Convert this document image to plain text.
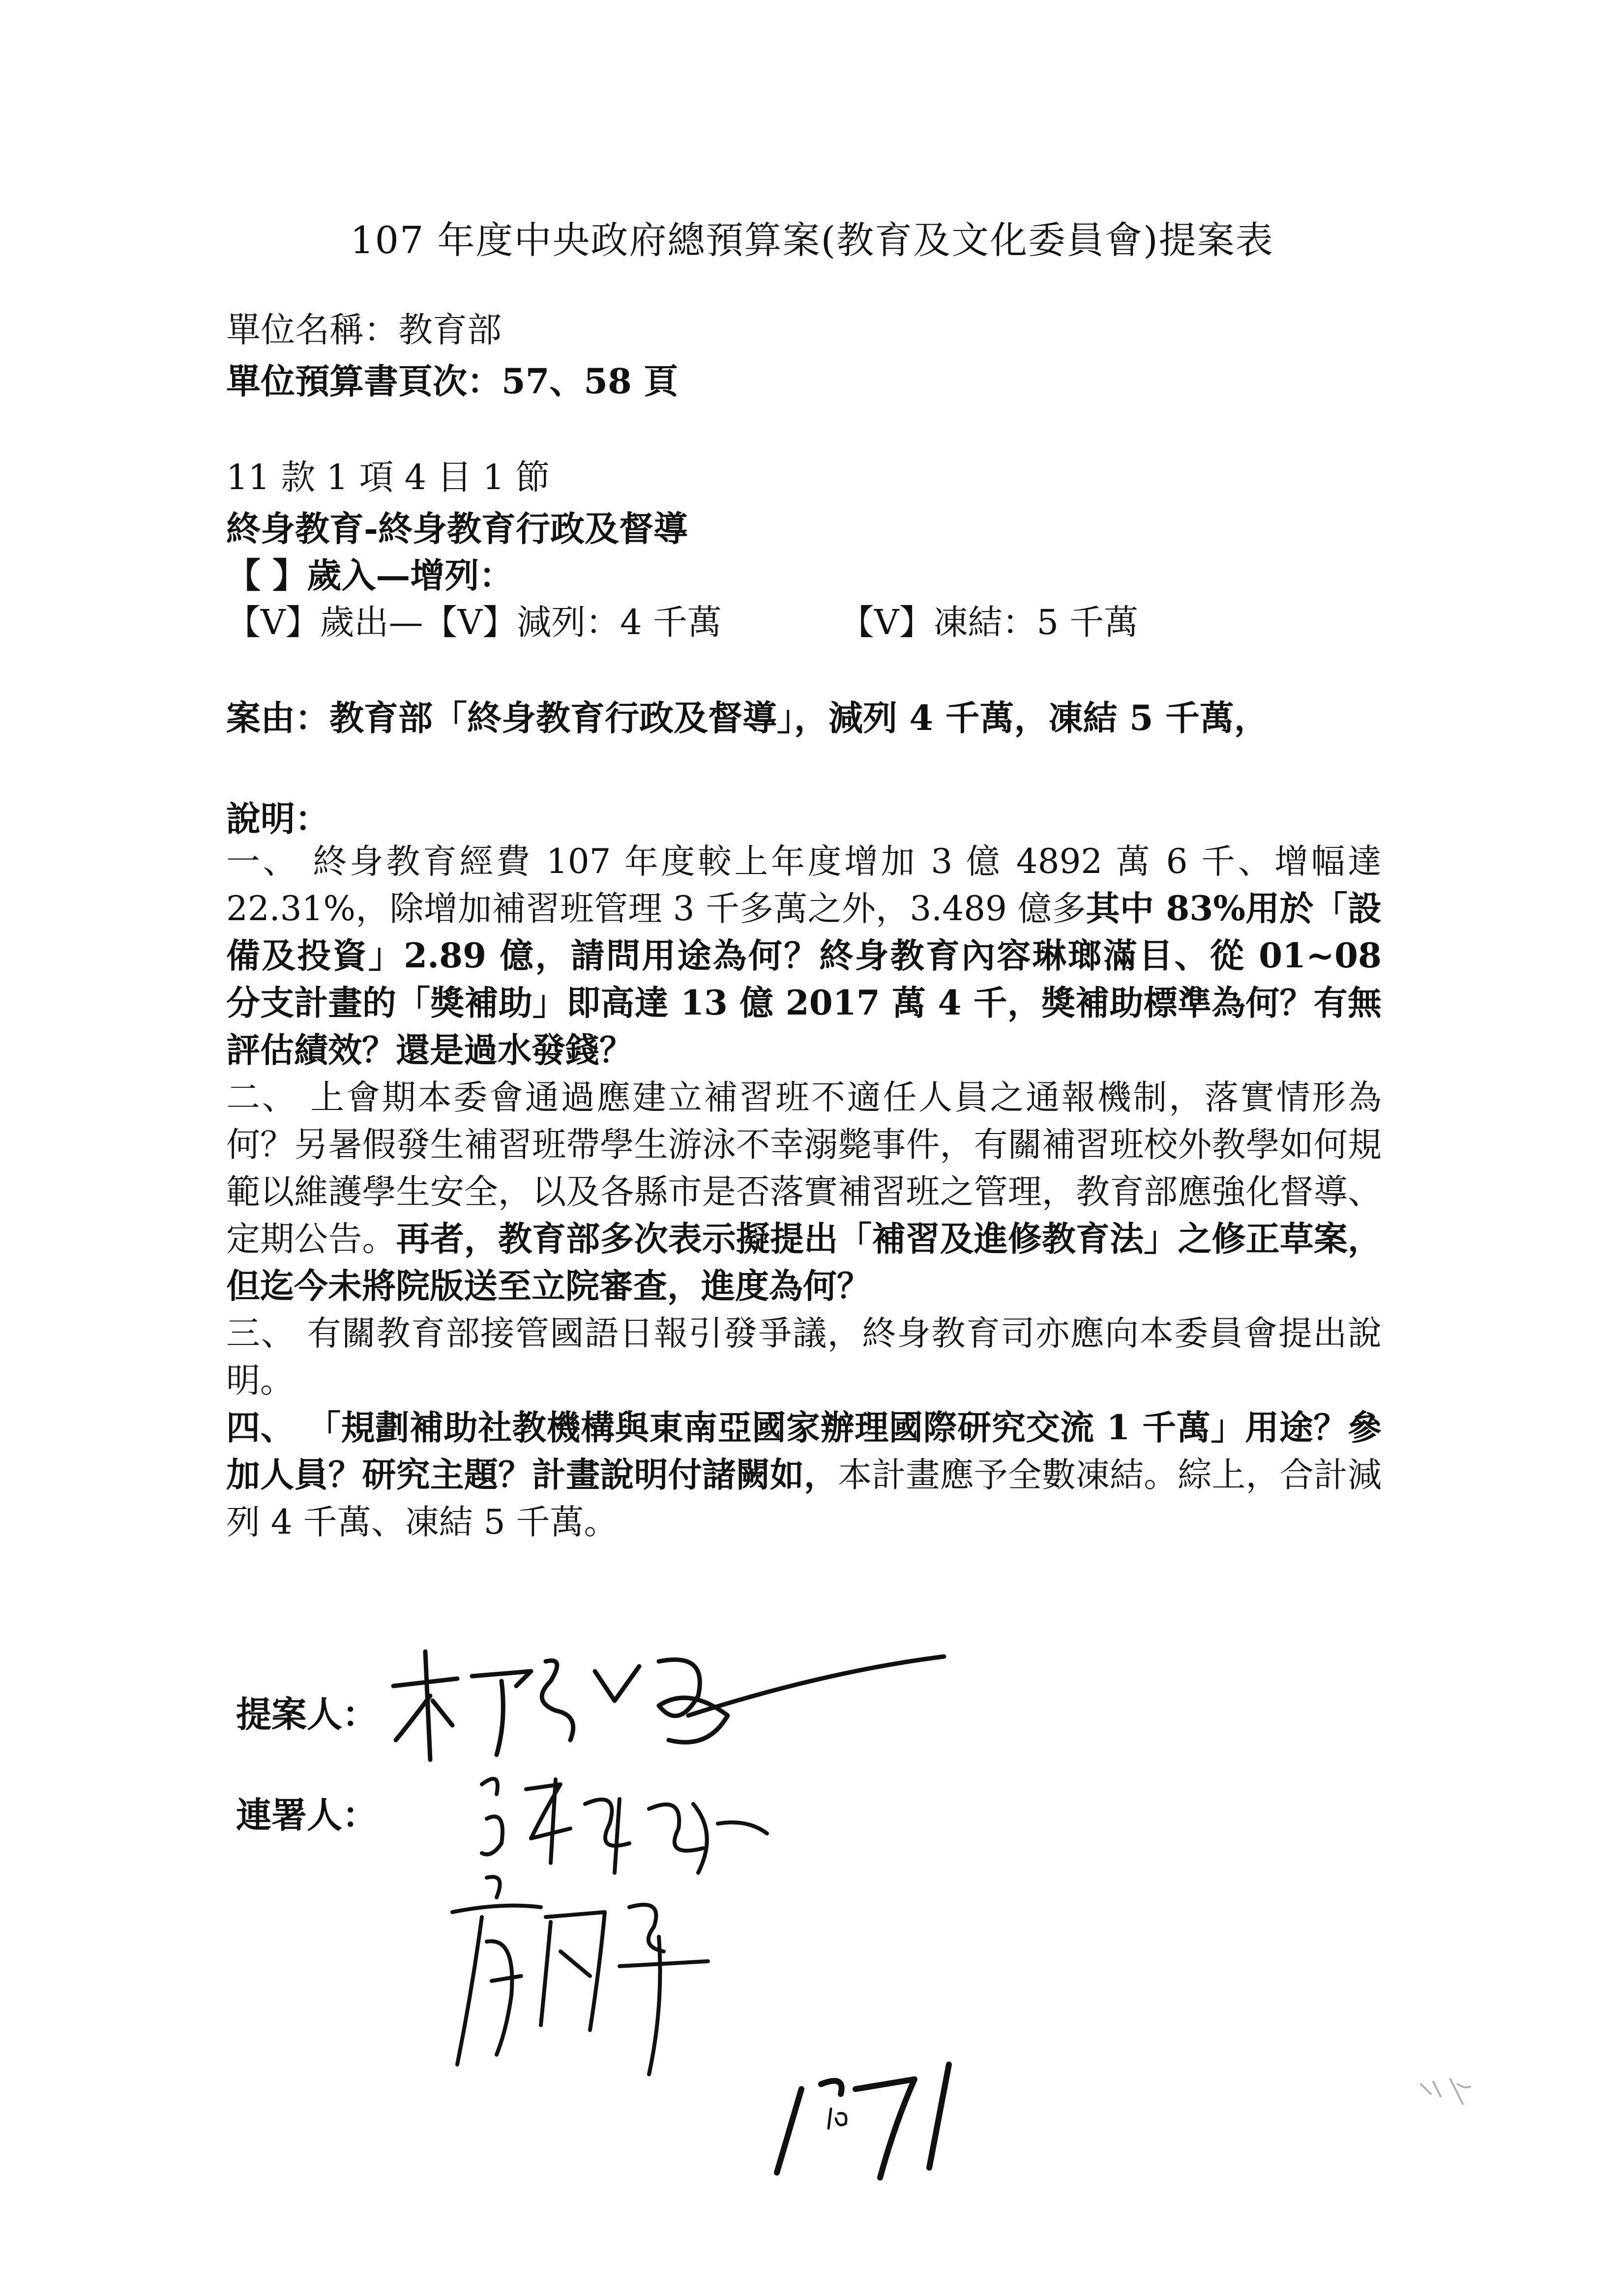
107 年度中央政府總預算案(教育及文化委員會)提案表
單位名稱：教育部
單位預算書頁次：57、58 頁
11 款 1 項 4 目 1 節
終身教育-終身教育行政及督導
【 】歲入—增列：
【V】歲出—【V】減列：4 千萬	【V】凍結：5 千萬
案由：教育部「終身教育行政及督導」，減列 4 千萬，凍結 5 千萬，
說明：

一、 終身教育經費 107 年度較上年度增加 3 億 4892 萬 6 千、增幅達 22.31%，除增加補習班管理 3 千多萬之外，3.489 億多其中 83%用於「設備及投資」2.89 億，請問用途為何？終身教育內容琳瑯滿目、從 01~08 分支計畫的「獎補助」即高達 13 億 2017 萬 4 千，獎補助標準為何？有無評估績效？還是過水發錢？

二、 上會期本委會通過應建立補習班不適任人員之通報機制，落實情形為何？另暑假發生補習班帶學生游泳不幸溺斃事件，有關補習班校外教學如何規範以維護學生安全，以及各縣市是否落實補習班之管理，教育部應強化督導、定期公告。再者，教育部多次表示擬提出「補習及進修教育法」之修正草案，但迄今未將院版送至立院審查，進度為何？

三、 有關教育部接管國語日報引發爭議，終身教育司亦應向本委員會提出說明。

四、 「規劃補助社教機構與東南亞國家辦理國際研究交流 1 千萬」用途？參加人員？研究主題？計畫說明付諸闕如，本計畫應予全數凍結。綜上，合計減列 4 千萬、凍結 5 千萬。

提案人：
連署人：
